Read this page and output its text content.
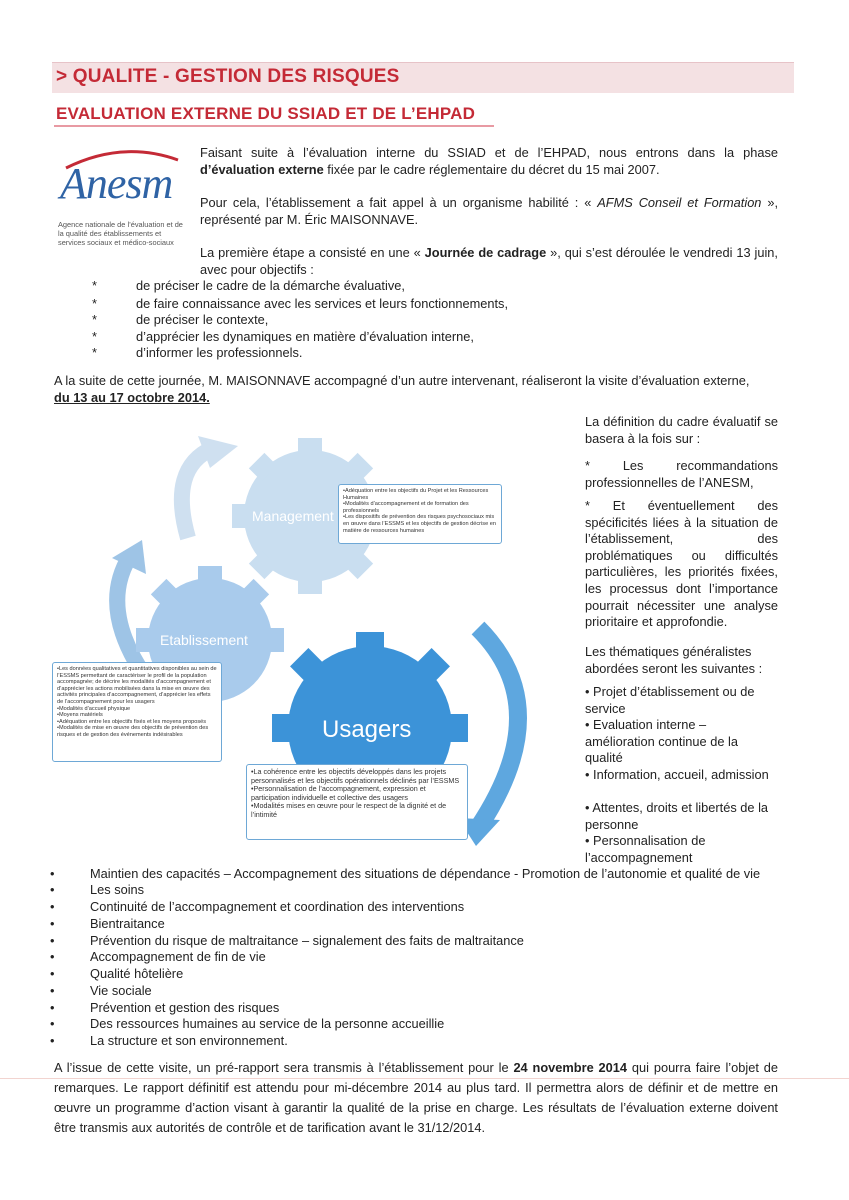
> QUALITE - GESTION DES RISQUES
EVALUATION EXTERNE DU SSIAD ET DE L’EHPAD
Anesm
Agence nationale de l’évaluation et de la qualité des établissements et services sociaux et médico-sociaux
Faisant suite à l’évaluation interne du SSIAD et de l’EHPAD, nous entrons dans la phase d’évaluation externe fixée par le cadre réglementaire du décret du 15 mai 2007.
Pour cela, l’établissement a fait appel à un organisme habilité : « AFMS Conseil et Formation », représenté par M. Éric MAISONNAVE.
La première étape a consisté en une « Journée de cadrage », qui s’est déroulée le vendredi 13 juin, avec pour objectifs :
*	de préciser le cadre de la démarche évaluative,
*	de faire connaissance avec les services et leurs fonctionnements,
*	de préciser le contexte,
*	d’apprécier les dynamiques en matière d’évaluation interne,
*	d’informer les professionnels.
A la suite de cette journée, M. MAISONNAVE accompagné d’un autre intervenant, réaliseront la visite d’évaluation externe,
du 13 au 17 octobre 2014.
Management
Etablissement
Usagers
•Adéquation entre les objectifs du Projet et les Ressources Humaines
•Modalités d’accompagnement et de formation des professionnels
•Les dispositifs de prévention des risques psychosociaux mis en œuvre dans l’ESSMS et les objectifs de gestion décrise en matière de ressources humaines
•Les données qualitatives et quantitatives disponibles au sein de l’ESSMS permettant de caractériser le profil de la population accompagnée; de décrire les modalités d’accompagnement et d’apprécier les actions mobilisées dans la mise en œuvre des activités principales d’accompagnement, d’apprécier les effets de l’accompagnement pour les usagers
•Modalités d’accueil physique
•Moyens matériels
•Adéquation entre les objectifs fixés et les moyens proposés
•Modalités de mise en œuvre des objectifs de prévention des risques et de gestion des événements indésirables
•La cohérence entre les objectifs développés dans les projets personnalisés et les objectifs opérationnels déclinés par l’ESSMS
•Personnalisation de l’accompagnement, expression et participation individuelle et collective des usagers
•Modalités mises en œuvre pour le respect de la dignité et de l’intimité
La définition du cadre évaluatif se basera à la fois sur :
* Les recommandations professionnelles de l’ANESM,
* Et éventuellement des spécificités liées à la situation de l’établissement, des problématiques ou difficultés particulières, les priorités fixées, les processus dont l’importance pourrait nécessiter une analyse prioritaire et approfondie.
Les thématiques généralistes abordées seront les suivantes :
• Projet d’établissement ou de service
• Evaluation interne – amélioration continue de la qualité
• Information, accueil, admission
• Attentes, droits et libertés de la personne
• Personnalisation de l’accompagnement
•	Maintien des capacités – Accompagnement des situations de dépendance - Promotion de l’autonomie et qualité de vie
•	Les soins
•	Continuité de l’accompagnement et coordination des interventions
•	Bientraitance
•	Prévention du risque de maltraitance – signalement des faits de maltraitance
•	Accompagnement de fin de vie
•	Qualité hôtelière
•	Vie sociale
•	Prévention et gestion des risques
•	Des ressources humaines au service de la personne accueillie
•	La structure et son environnement.
A l’issue de cette visite, un pré-rapport sera transmis à l’établissement pour le 24 novembre 2014 qui pourra faire l’objet de remarques. Le rapport définitif est attendu pour mi-décembre 2014 au plus tard. Il permettra alors de définir et de mettre en œuvre un programme d’action visant à garantir la qualité de la prise en charge. Les résultats de l’évaluation externe doivent être transmis aux autorités de contrôle et de tarification avant le 31/12/2014.
